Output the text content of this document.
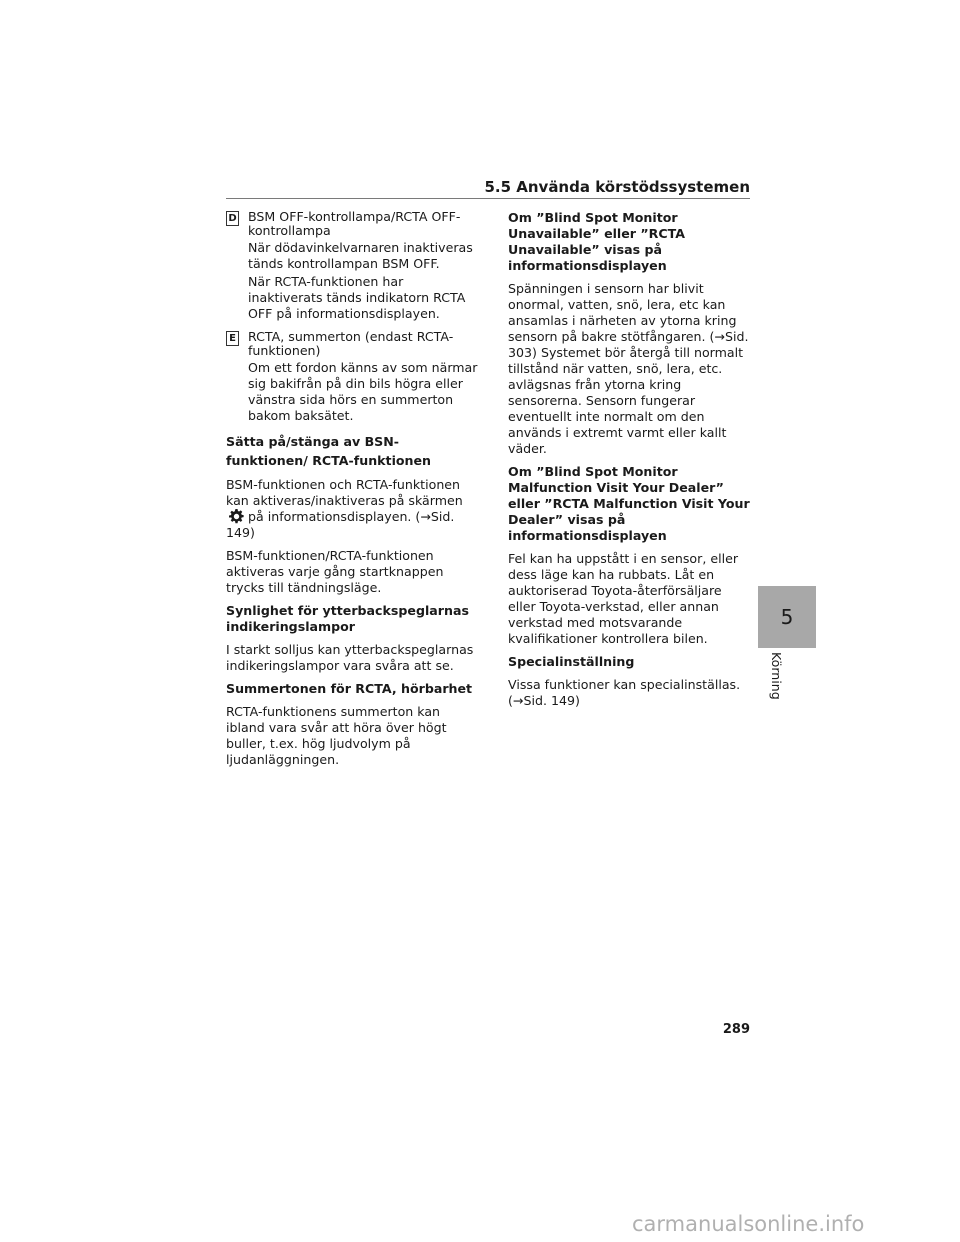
5.5 Använda körstödssystemen
D BSM OFF-kontrollampa/RCTA OFF-kontrollampa

När dödavinkelvarnaren inaktiveras tänds kontrollampan BSM OFF.

När RCTA-funktionen har inaktiverats tänds indikatorn RCTA OFF på informationsdisplayen.

E RCTA, summerton (endast RCTA-funktionen)

Om ett fordon känns av som närmar sig bakifrån på din bils högra eller vänstra sida hörs en summerton bakom baksätet.

Sätta på/stänga av BSN-funktionen/ RCTA-funktionen

BSM-funktionen och RCTA-funktionen kan aktiveras/inaktiveras på skärmen  på informationsdisplayen. (→Sid. 149)

BSM-funktionen/RCTA-funktionen aktiveras varje gång startknappen trycks till tändningsläge.

Synlighet för ytterbackspeglarnas indikeringslampor

I starkt solljus kan ytterbackspeglarnas indikeringslampor vara svåra att se.

Summertonen för RCTA, hörbarhet

RCTA-funktionens summerton kan ibland vara svår att höra över högt buller, t.ex. hög ljudvolym på ljudanläggningen.

Om ”Blind Spot Monitor Unavailable” eller ”RCTA Unavailable” visas på informationsdisplayen

Spänningen i sensorn har blivit onormal, vatten, snö, lera, etc kan ansamlas i närheten av ytorna kring sensorn på bakre stötfångaren. (→Sid. 303) Systemet bör återgå till normalt tillstånd när vatten, snö, lera, etc. avlägsnas från ytorna kring sensorerna. Sensorn fungerar eventuellt inte normalt om den används i extremt varmt eller kallt väder.

Om ”Blind Spot Monitor Malfunction Visit Your Dealer” eller ”RCTA Malfunction Visit Your Dealer” visas på informationsdisplayen

Fel kan ha uppstått i en sensor, eller dess läge kan ha rubbats. Låt en auktoriserad Toyota-återförsäljare eller Toyota-verkstad, eller annan verkstad med motsvarande kvalifikationer kontrollera bilen.

Specialinställning

Vissa funktioner kan specialinställas. (→Sid. 149)

5
Körning
289
carmanualsonline.info
